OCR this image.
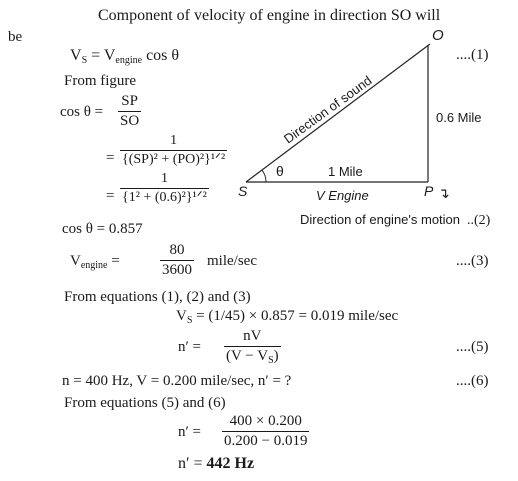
Component of velocity of engine in direction SO will
be
$V_S = V_{engine}$ cos θ	....(1)
From figure
$\cos \theta = \frac{SP}{SO}$
=
1
{(SP)² + (PO)²}¹ᐟ²
=
1
{1² + (0.6)²}¹ᐟ²
cos θ = 0.857
$V_{engine}$ =	$\frac{80}{3600}$ mile/sec	....(3)
From equations (1), (2) and (3)
$V_S = (1/45) \times 0.857 = 0.019$ mile/sec
$n' = \frac{nV}{(V - V_S)}$	....(5)
n = 400 Hz, V = 0.200 mile/sec, n′ = ?	....(6)
From equations (5) and (6)
$n' = \frac{400 \times 0.200}{0.200 - 0.019}$
n′ = 442 Hz
O
S	P ↴
θ
Direction of sound	0.6 Mile
1 Mile
V Engine
Direction of engine's motion ..(2)
